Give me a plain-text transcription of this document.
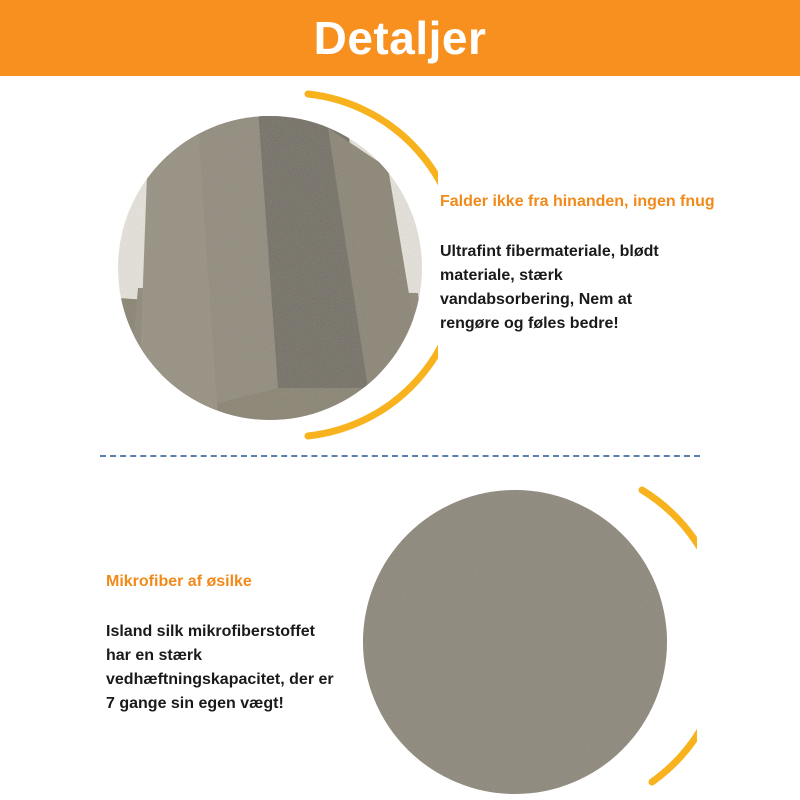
Detaljer
Falder ikke fra hinanden, ingen fnug
Ultrafint fibermateriale, blødt
materiale, stærk
vandabsorbering, Nem at
rengøre og føles bedre!
Mikrofiber af øsilke
Island silk mikrofiberstoffet
har en stærk
vedhæftningskapacitet, der er
7 gange sin egen vægt!
